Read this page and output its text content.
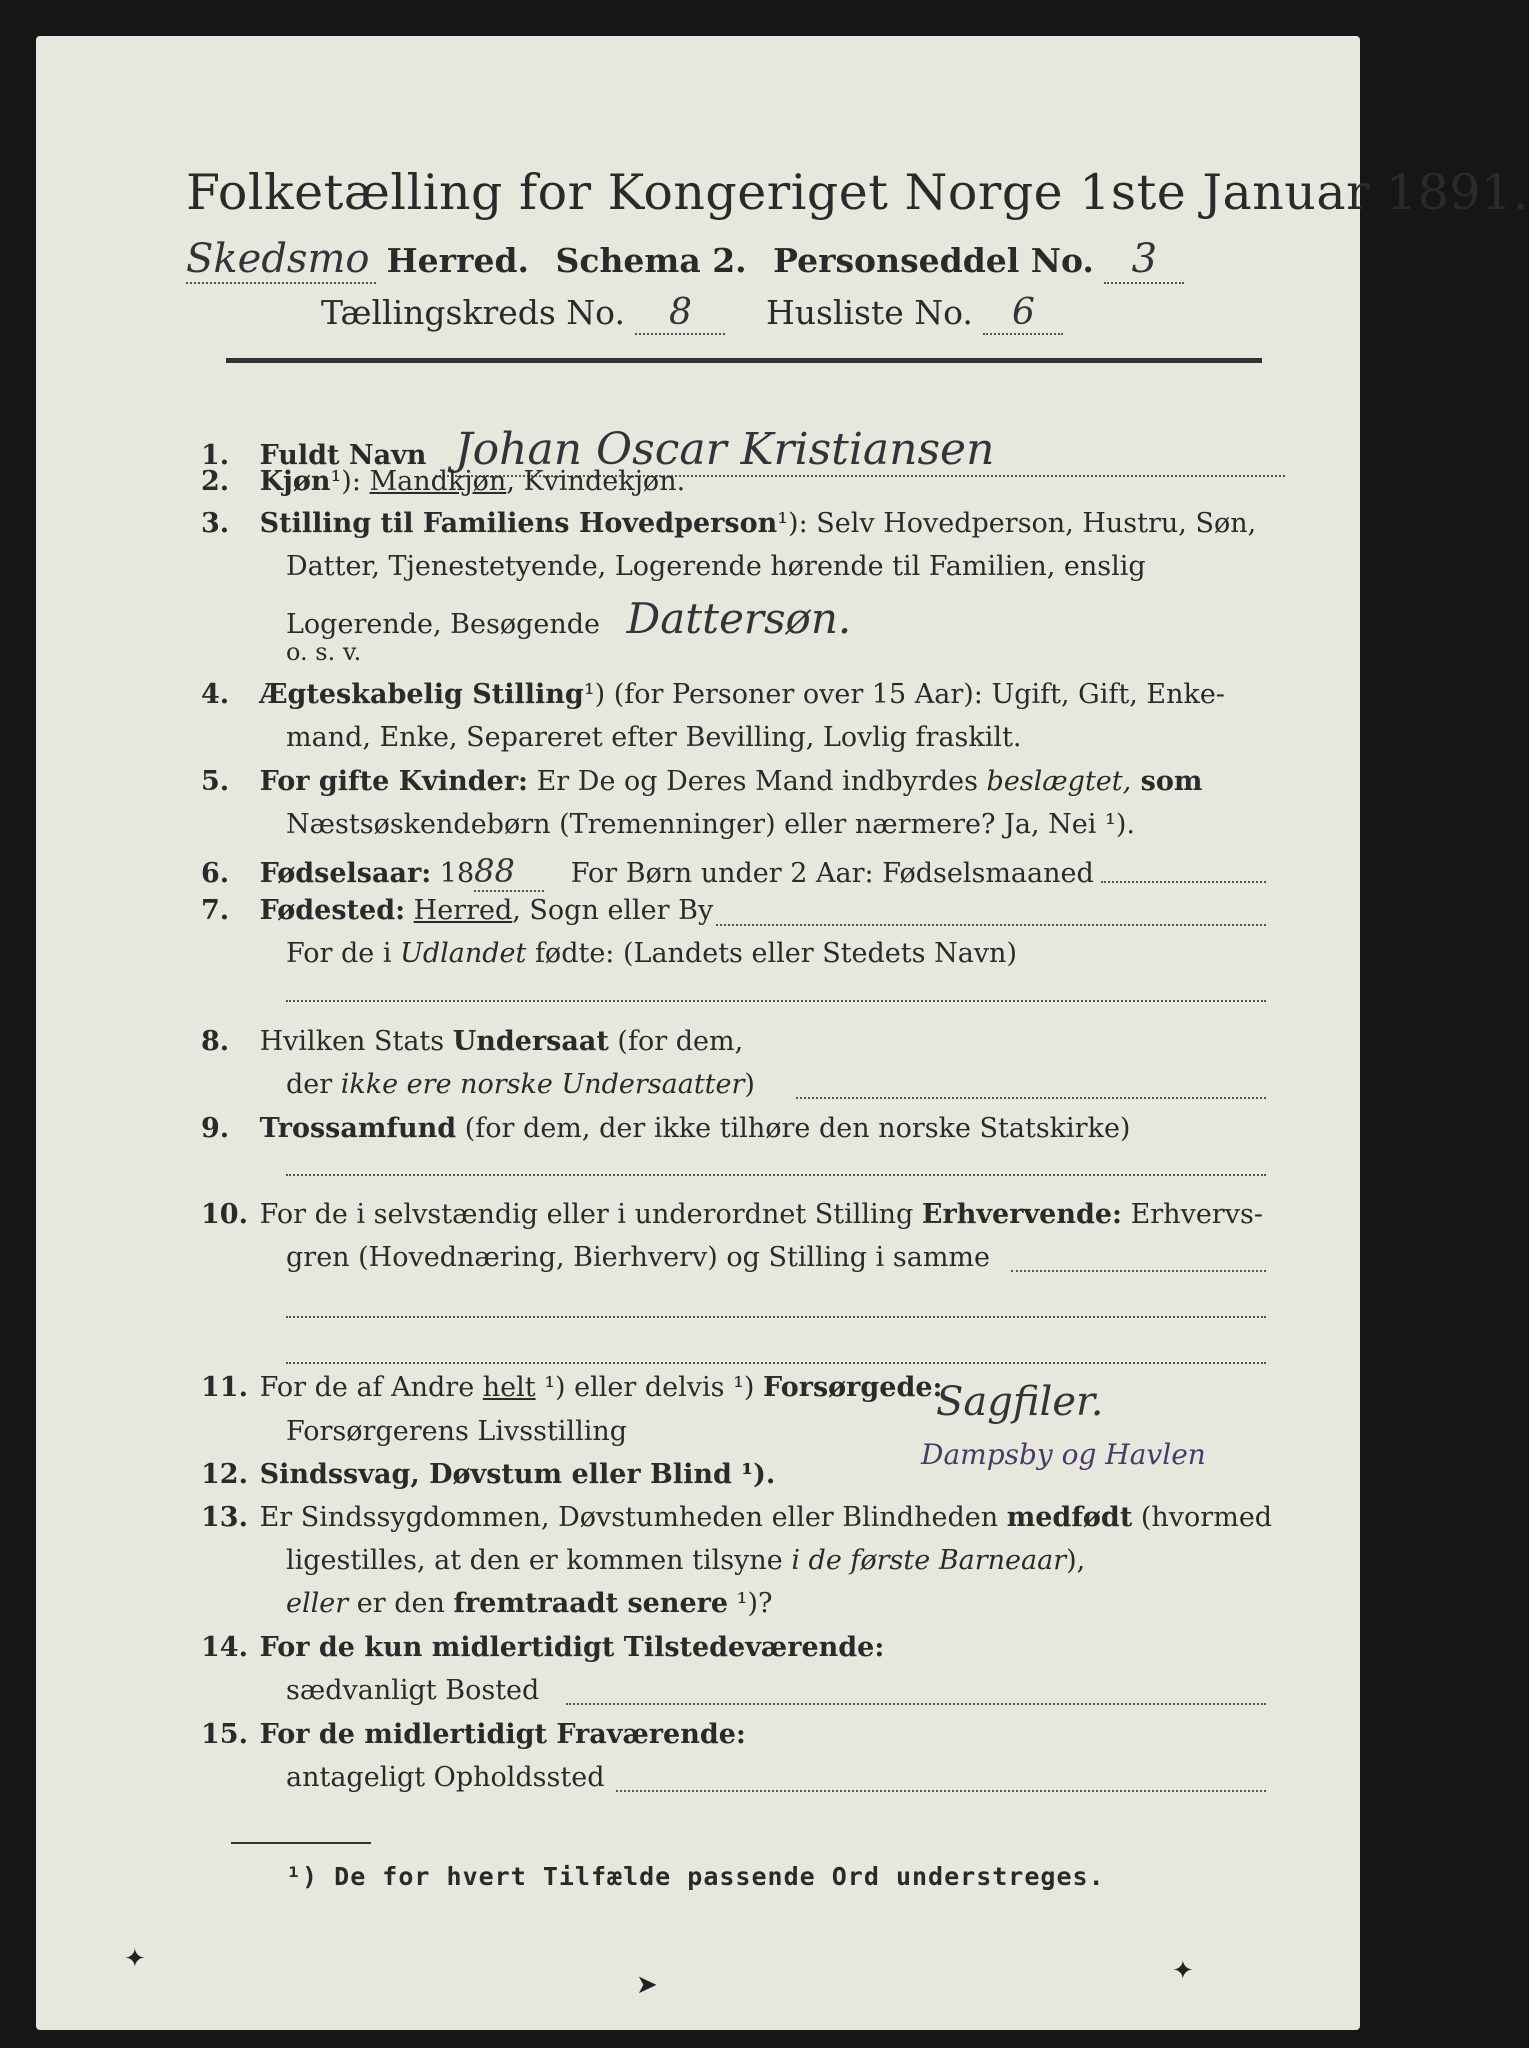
Folketælling for Kongeriget Norge 1ste Januar 1891.
Skedsmo Herred. Schema 2. Personseddel No. 3
Tællingskreds No. 8 Husliste No. 6
1. Fuldt Navn Johan Oscar Kristiansen
2. Kjøn¹): Mandkjøn, Kvindekjøn.
3. Stilling til Familiens Hovedperson¹): Selv Hovedperson, Hustru, Søn,
Datter, Tjenestetyende, Logerende hørende til Familien, enslig
Logerende, Besøgende Dattersøn.
o. s. v.
4. Ægteskabelig Stilling¹) (for Personer over 15 Aar): Ugift, Gift, Enke-
mand, Enke, Separeret efter Bevilling, Lovlig fraskilt.
5. For gifte Kvinder: Er De og Deres Mand indbyrdes beslægtet, som
Næstsøskendebørn (Tremenninger) eller nærmere? Ja, Nei ¹).
6. Fødselsaar: 1888 For Børn under 2 Aar: Fødselsmaaned
7. Fødested: Herred, Sogn eller By
For de i Udlandet fødte: (Landets eller Stedets Navn)
8. Hvilken Stats Undersaat (for dem,
der ikke ere norske Undersaatter)
9. Trossamfund (for dem, der ikke tilhøre den norske Statskirke)
10. For de i selvstændig eller i underordnet Stilling Erhvervende: Erhvervs-
gren (Hovednæring, Bierhverv) og Stilling i samme
11. For de af Andre helt ¹) eller delvis ¹) Forsørgede:
Forsørgerens Livsstilling
Sagfiler.
Dampsby og Havlen
12. Sindssvag, Døvstum eller Blind ¹).
13. Er Sindssygdommen, Døvstumheden eller Blindheden medfødt (hvormed
ligestilles, at den er kommen tilsyne i de første Barneaar),
eller er den fremtraadt senere ¹)?
14. For de kun midlertidigt Tilstedeværende:
sædvanligt Bosted
15. For de midlertidigt Fraværende:
antageligt Opholdssted
¹) De for hvert Tilfælde passende Ord understreges.
✦
➤	✦
